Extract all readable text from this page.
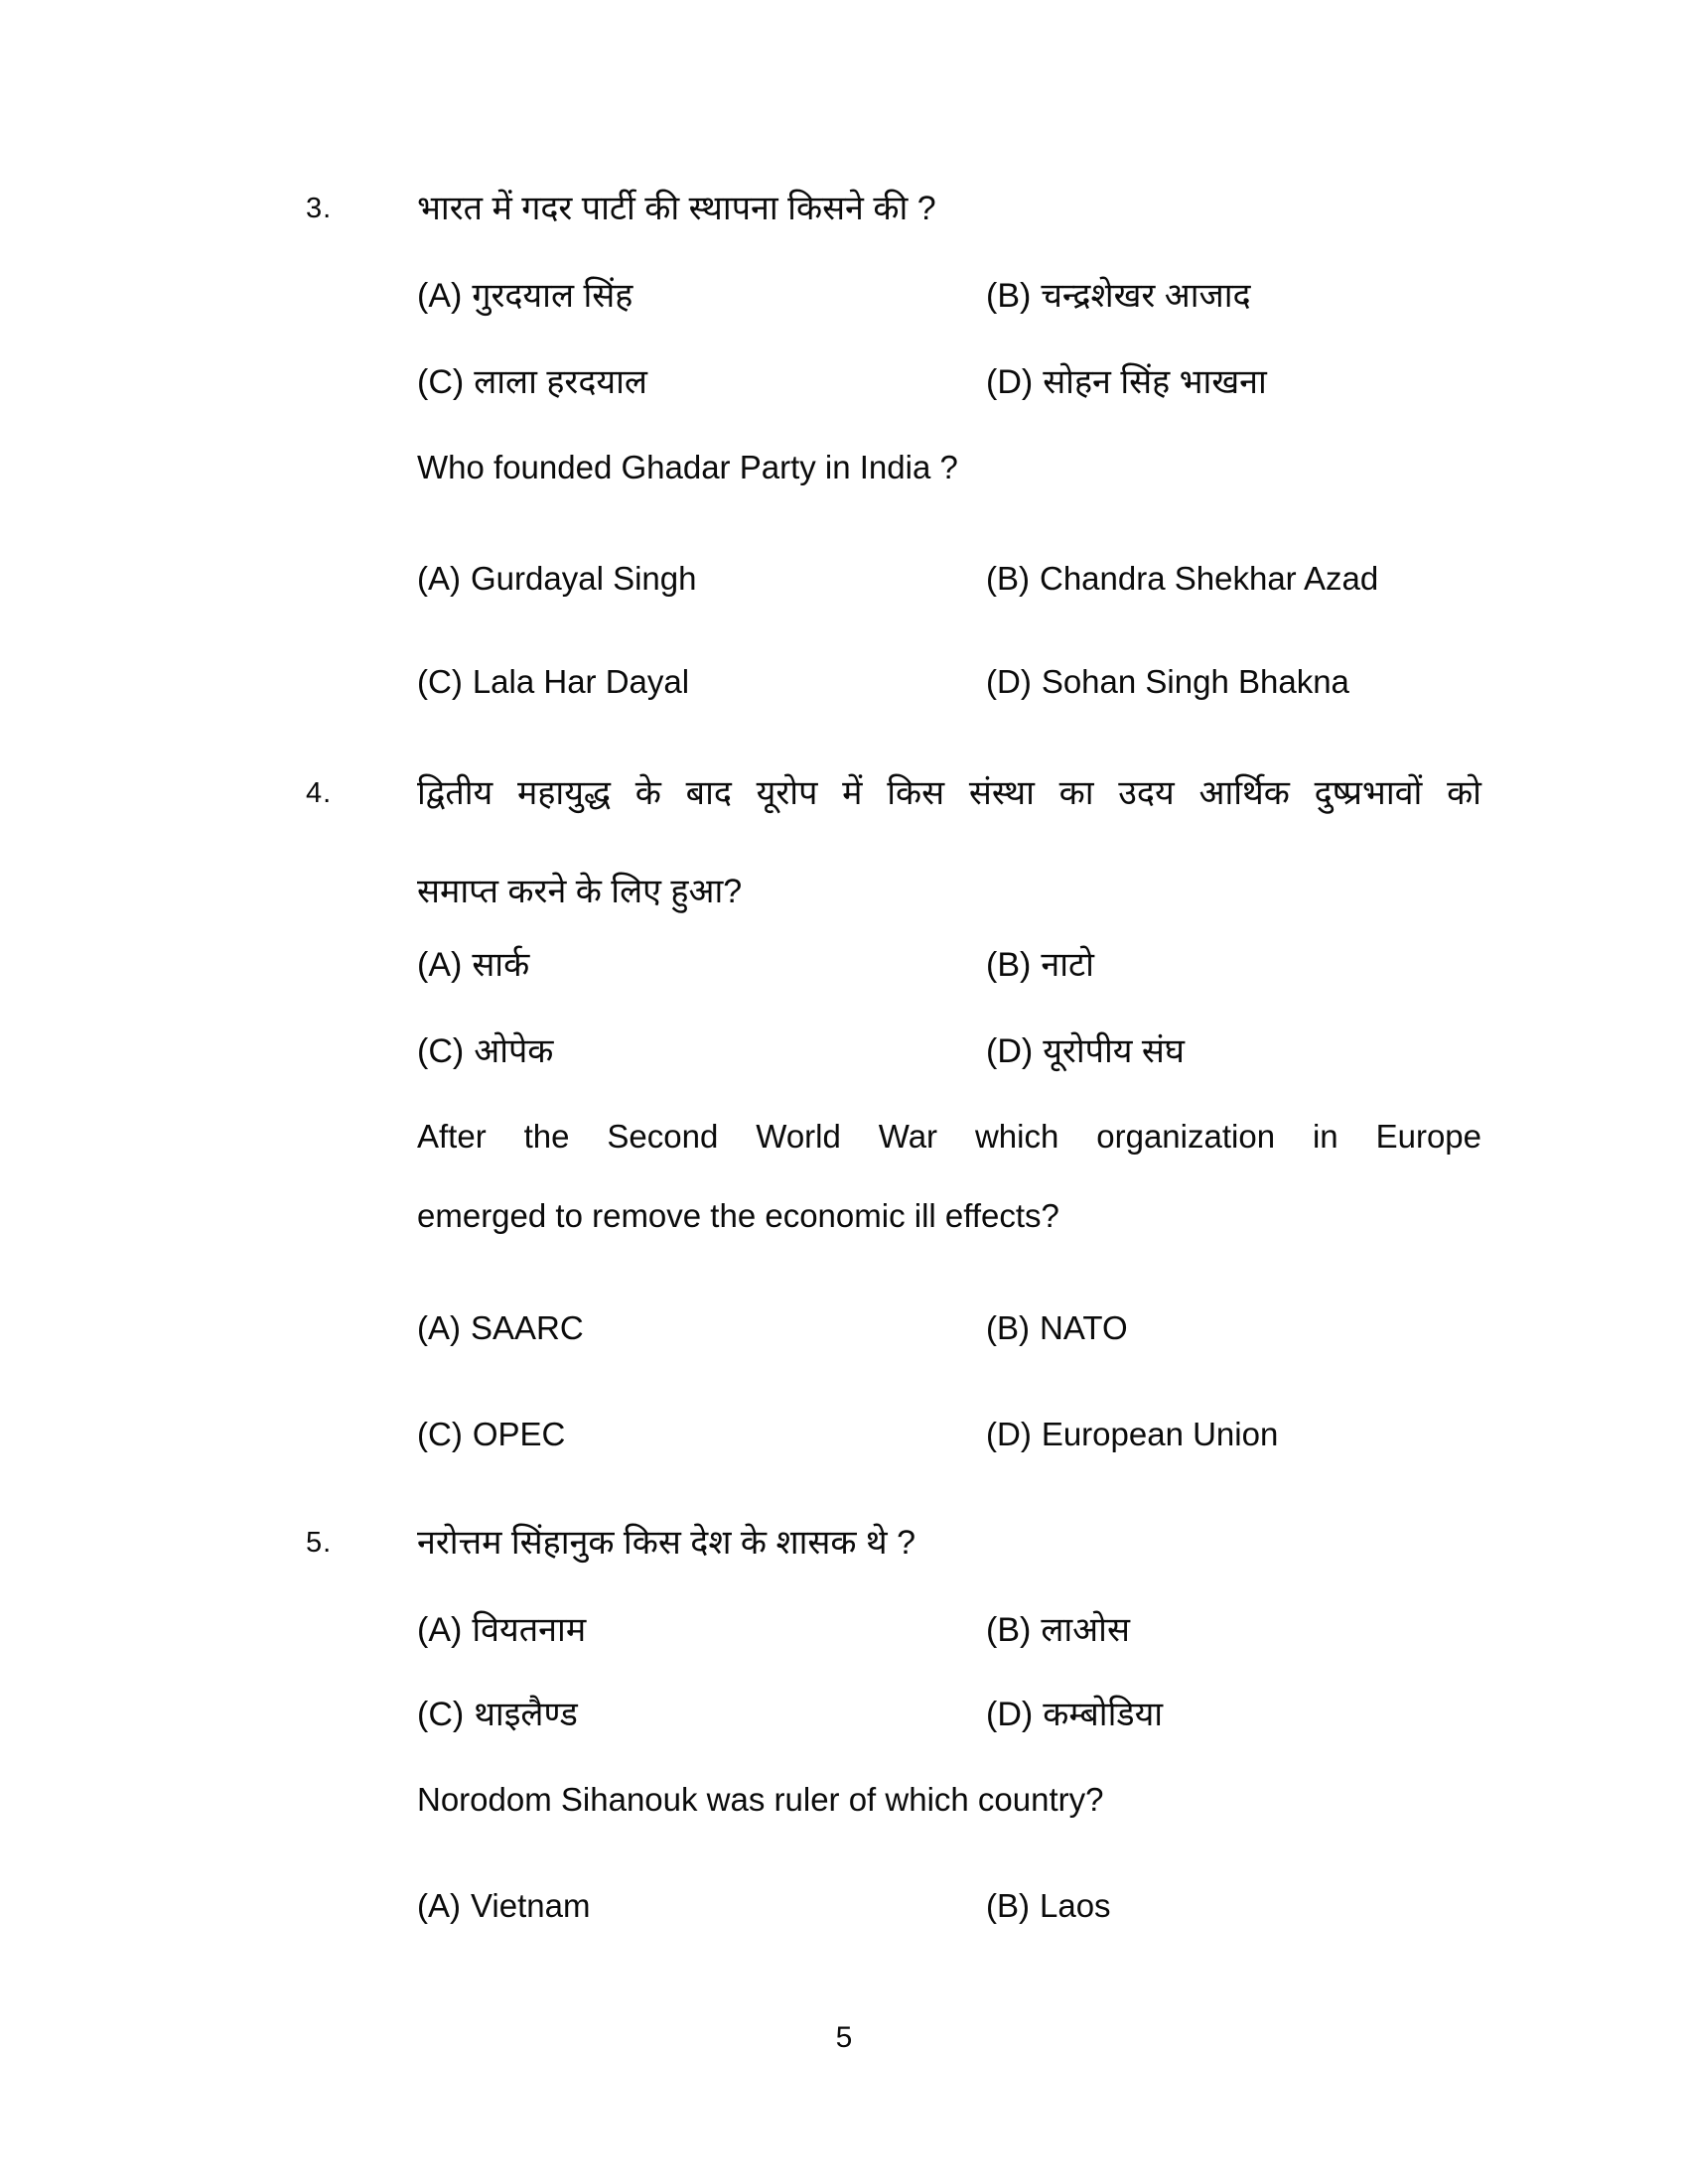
3.	भारत में गदर पार्टी की स्थापना किसने की ?
(A) गुरदयाल सिंह	(B) चन्द्रशेखर आजाद
(C) लाला हरदयाल	(D) सोहन सिंह भाखना
Who founded Ghadar Party in India ?
(A) Gurdayal Singh	(B) Chandra Shekhar Azad
(C) Lala Har Dayal	(D) Sohan Singh Bhakna
4.	द्वितीय महायुद्ध के बाद यूरोप में किस संस्था का उदय आर्थिक दुष्प्रभावों को
समाप्त करने के लिए हुआ?
(A) सार्क	(B) नाटो
(C) ओपेक	(D) यूरोपीय संघ
After the Second World War which organization in Europe
emerged to remove the economic ill effects?
(A) SAARC	(B) NATO
(C) OPEC	(D) European Union
5.	नरोत्तम सिंहानुक किस देश के शासक थे ?
(A) वियतनाम	(B) लाओस
(C) थाइलैण्ड	(D) कम्बोडिया
Norodom Sihanouk was ruler of which country?
(A) Vietnam	(B) Laos
5
